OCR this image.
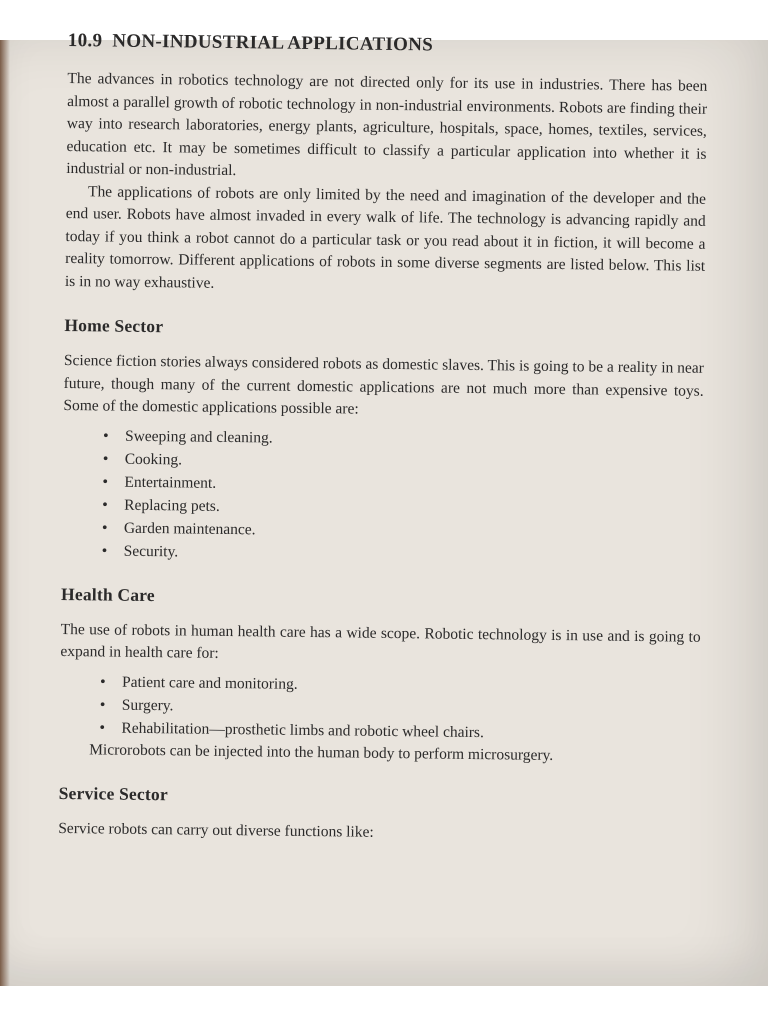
10.9 NON-INDUSTRIAL APPLICATIONS

The advances in robotics technology are not directed only for its use in industries. There has been almost a parallel growth of robotic technology in non-industrial environments. Robots are finding their way into research laboratories, energy plants, agriculture, hospitals, space, homes, textiles, services, education etc. It may be sometimes difficult to classify a particular application into whether it is industrial or non-industrial.

The applications of robots are only limited by the need and imagination of the developer and the end user. Robots have almost invaded in every walk of life. The technology is advancing rapidly and today if you think a robot cannot do a particular task or you read about it in fiction, it will become a reality tomorrow. Different applications of robots in some diverse segments are listed below. This list is in no way exhaustive.

Home Sector

Science fiction stories always considered robots as domestic slaves. This is going to be a reality in near future, though many of the current domestic applications are not much more than expensive toys. Some of the domestic applications possible are:

• Sweeping and cleaning.
• Cooking.
• Entertainment.
• Replacing pets.
• Garden maintenance.
• Security.
Health Care

The use of robots in human health care has a wide scope. Robotic technology is in use and is going to expand in health care for:

• Patient care and monitoring.
• Surgery.
• Rehabilitation—prosthetic limbs and robotic wheel chairs.

Microrobots can be injected into the human body to perform microsurgery.

Service Sector

Service robots can carry out diverse functions like:
